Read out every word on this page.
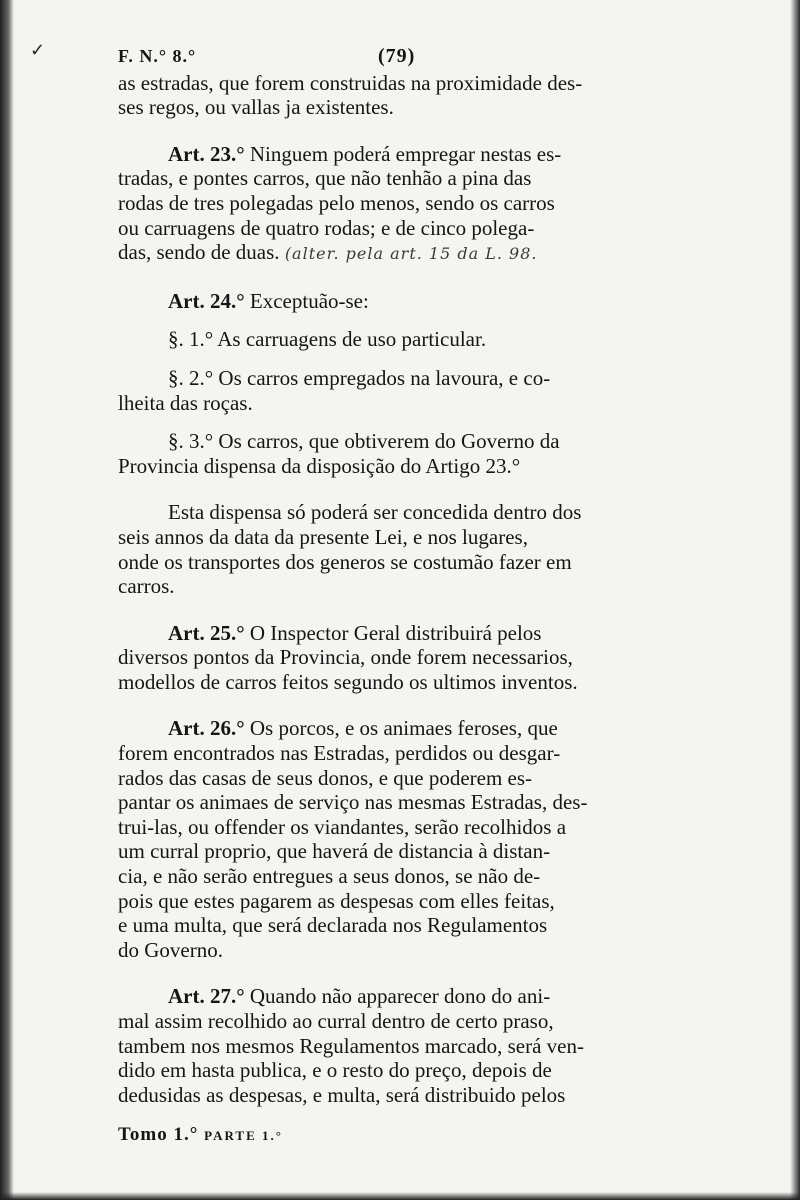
✓	F. N.° 8.°	(79)

as estradas, que forem construidas na proximidade des-
ses regos, ou vallas ja existentes.

Art. 23.° Ninguem poderá empregar nestas es-
tradas, e pontes carros, que não tenhão a pina das
rodas de tres polegadas pelo menos, sendo os carros
ou carruagens de quatro rodas; e de cinco polega-
das, sendo de duas. (alter. pela art. 15 da L. 98.

Art. 24.° Exceptuão-se:

§. 1.° As carruagens de uso particular.

§. 2.° Os carros empregados na lavoura, e co-
lheita das roças.

§. 3.° Os carros, que obtiverem do Governo da
Provincia dispensa da disposição do Artigo 23.°

Esta dispensa só poderá ser concedida dentro dos
seis annos da data da presente Lei, e nos lugares,
onde os transportes dos generos se costumão fazer em
carros.

Art. 25.° O Inspector Geral distribuirá pelos
diversos pontos da Provincia, onde forem necessarios,
modellos de carros feitos segundo os ultimos inventos.

Art. 26.° Os porcos, e os animaes feroses, que
forem encontrados nas Estradas, perdidos ou desgar-
rados das casas de seus donos, e que poderem es-
pantar os animaes de serviço nas mesmas Estradas, des-
trui-las, ou offender os viandantes, serão recolhidos a
um curral proprio, que haverá de distancia à distan-
cia, e não serão entregues a seus donos, se não de-
pois que estes pagarem as despesas com elles feitas,
e uma multa, que será declarada nos Regulamentos
do Governo.

Art. 27.° Quando não apparecer dono do ani-
mal assim recolhido ao curral dentro de certo praso,
tambem nos mesmos Regulamentos marcado, será ven-
dido em hasta publica, e o resto do preço, depois de
dedusidas as despesas, e multa, será distribuido pelos

Tomo 1.° PARTE 1.°
